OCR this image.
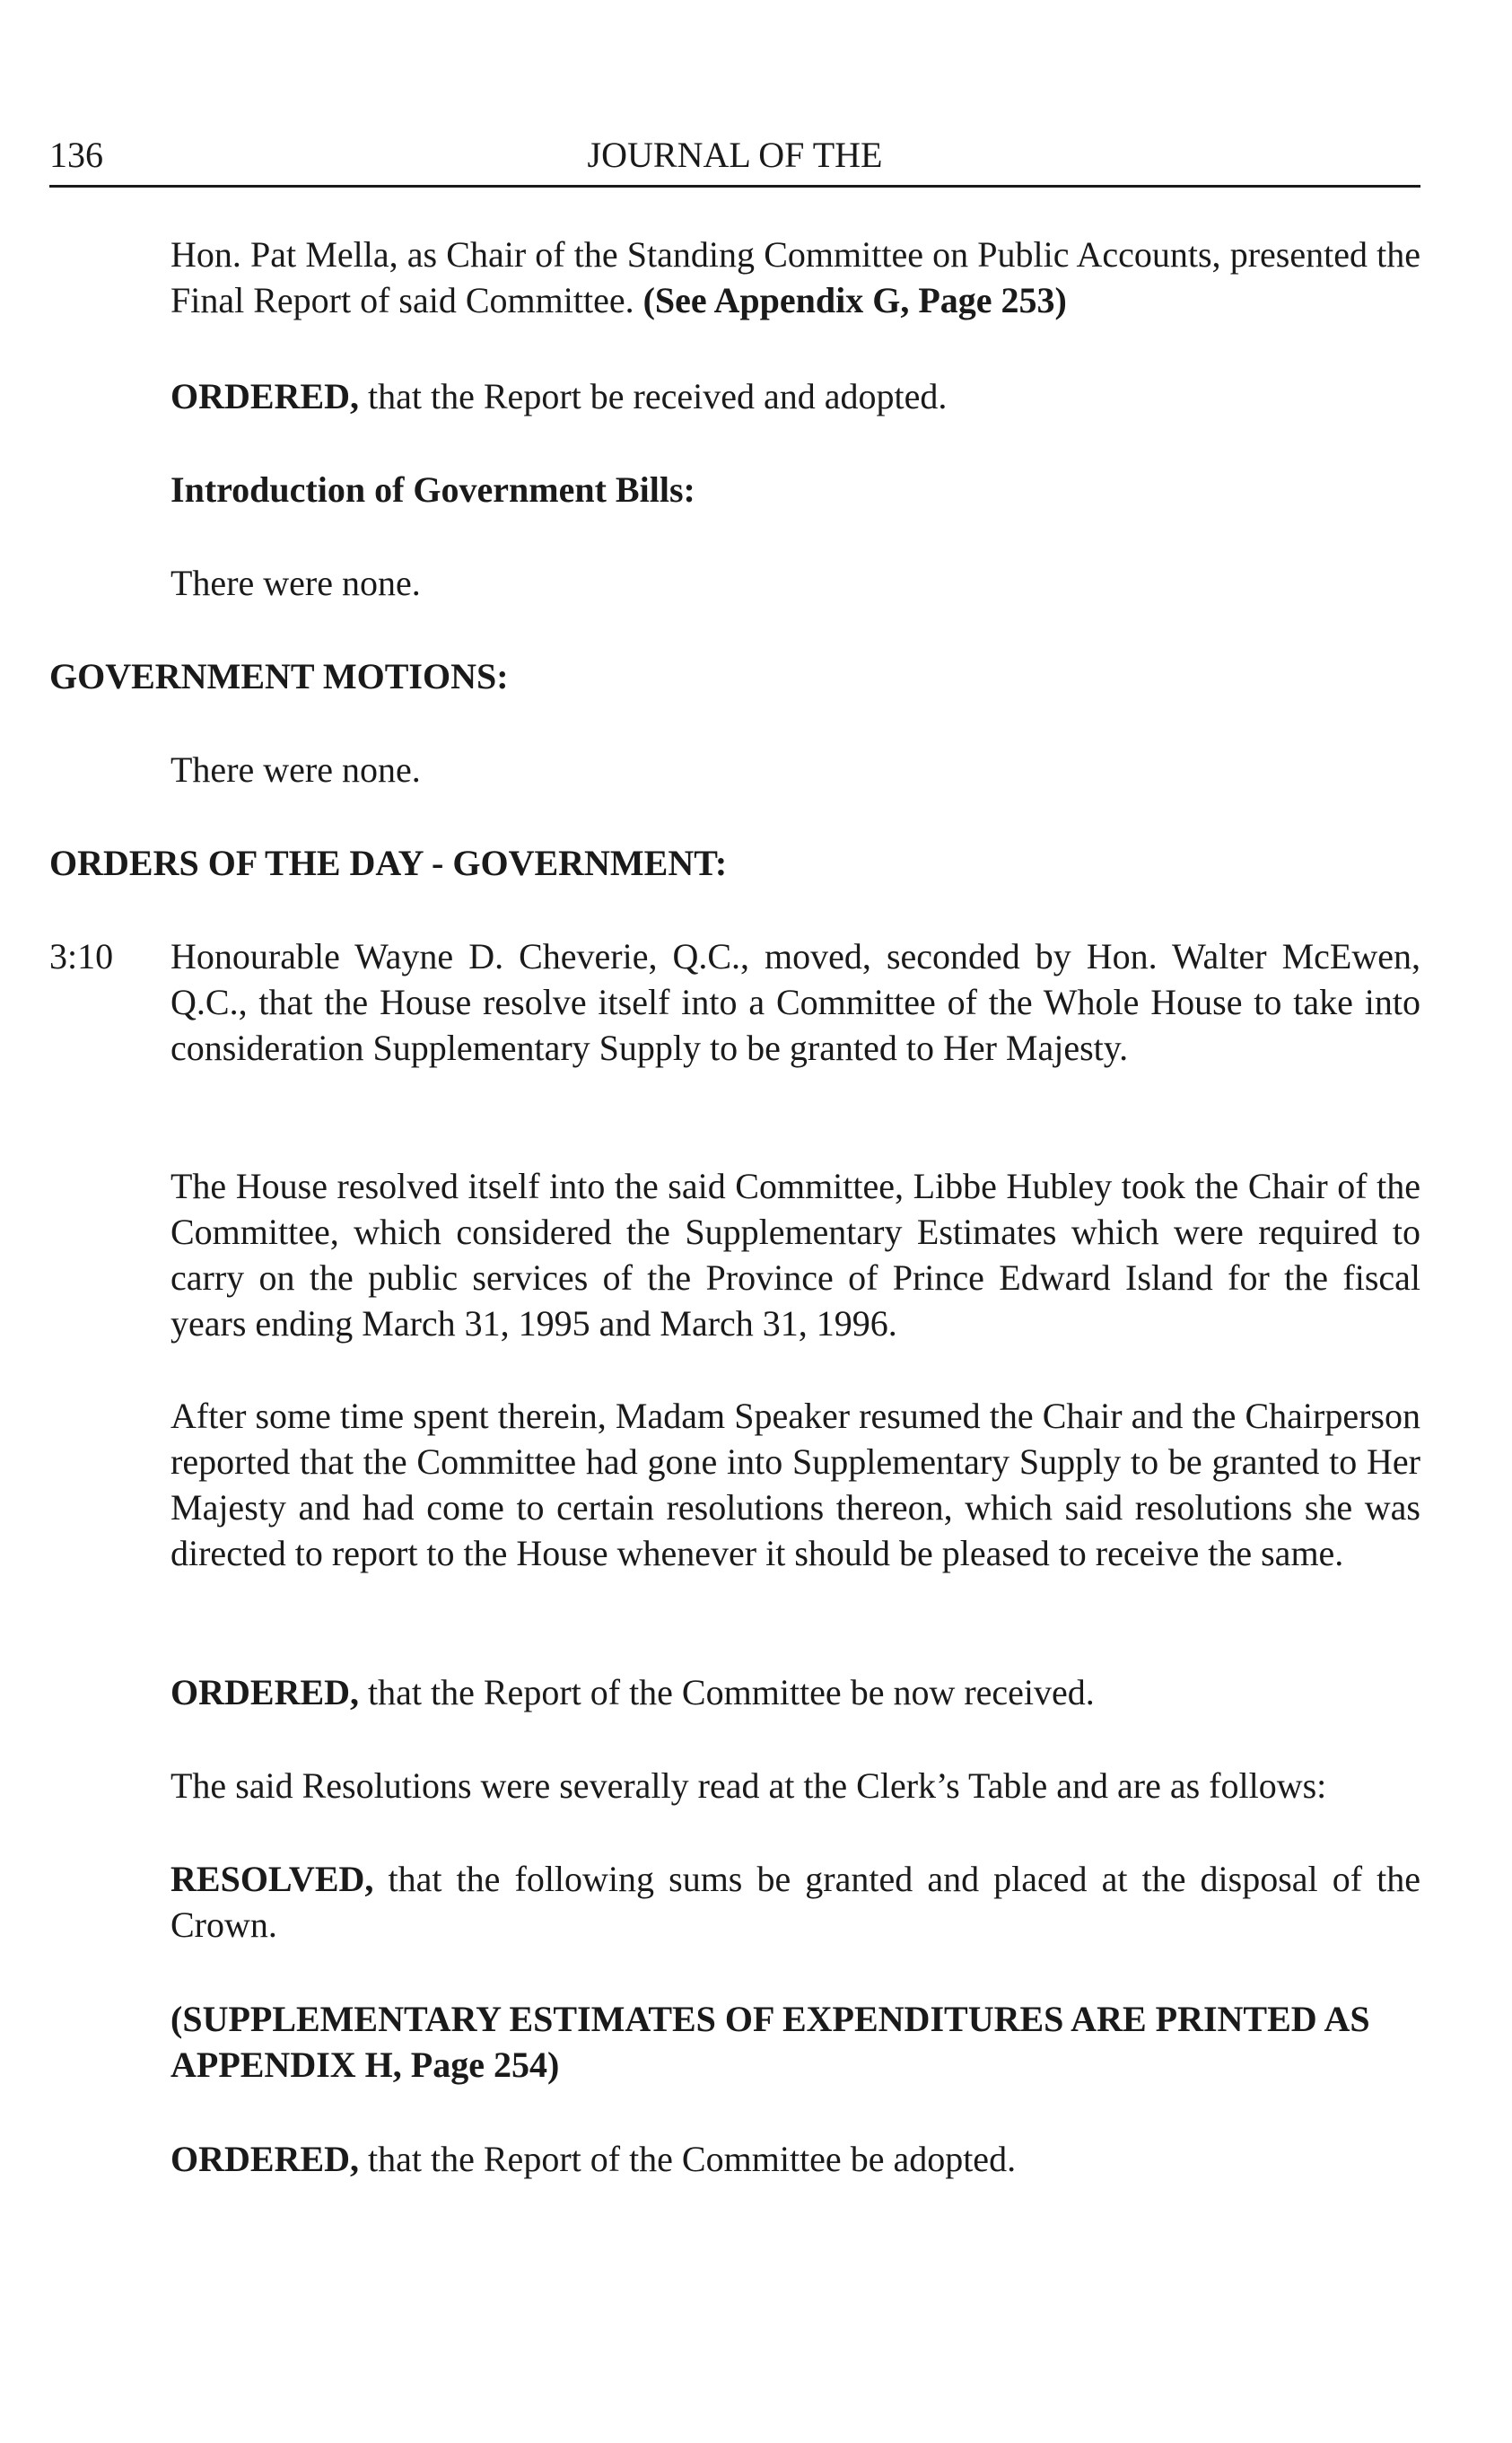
136	JOURNAL OF THE
Hon. Pat Mella, as Chair of the Standing Committee on Public Accounts, presented the Final Report of said Committee. (See Appendix G, Page 253)
ORDERED, that the Report be received and adopted.
Introduction of Government Bills:
There were none.
GOVERNMENT MOTIONS:
There were none.
ORDERS OF THE DAY - GOVERNMENT:
3:10 Honourable Wayne D. Cheverie, Q.C., moved, seconded by Hon. Walter McEwen, Q.C., that the House resolve itself into a Committee of the Whole House to take into consideration Supplementary Supply to be granted to Her Majesty.
The House resolved itself into the said Committee, Libbe Hubley took the Chair of the Committee, which considered the Supplementary Estimates which were required to carry on the public services of the Province of Prince Edward Island for the fiscal years ending March 31, 1995 and March 31, 1996.
After some time spent therein, Madam Speaker resumed the Chair and the Chairperson reported that the Committee had gone into Supplementary Supply to be granted to Her Majesty and had come to certain resolutions thereon, which said resolutions she was directed to report to the House whenever it should be pleased to receive the same.
ORDERED, that the Report of the Committee be now received.
The said Resolutions were severally read at the Clerk’s Table and are as follows:
RESOLVED, that the following sums be granted and placed at the disposal of the Crown.
(SUPPLEMENTARY ESTIMATES OF EXPENDITURES ARE PRINTED AS APPENDIX H, Page 254)
ORDERED, that the Report of the Committee be adopted.
